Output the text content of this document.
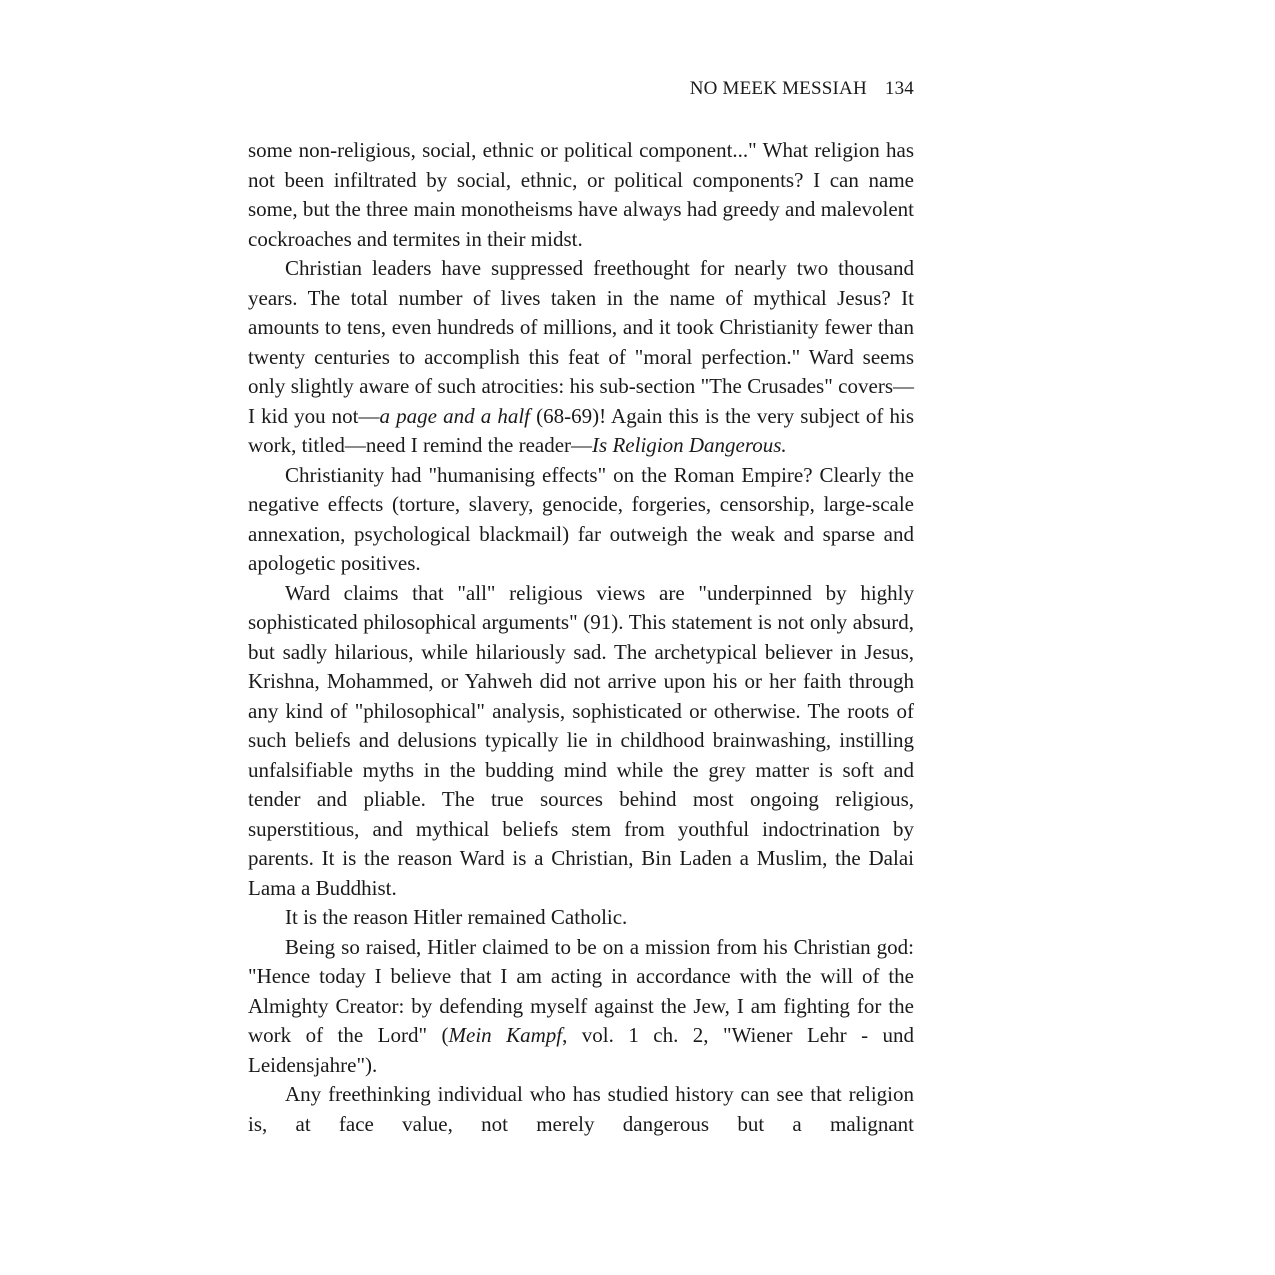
NO MEEK MESSIAH 134

some non-religious, social, ethnic or political component..." What religion has not been infiltrated by social, ethnic, or political components? I can name some, but the three main monotheisms have always had greedy and malevolent cockroaches and termites in their midst.

Christian leaders have suppressed freethought for nearly two thousand years. The total number of lives taken in the name of mythical Jesus? It amounts to tens, even hundreds of millions, and it took Christianity fewer than twenty centuries to accomplish this feat of "moral perfection." Ward seems only slightly aware of such atrocities: his sub-section "The Crusades" covers—I kid you not—a page and a half (68-69)! Again this is the very subject of his work, titled—need I remind the reader—Is Religion Dangerous.

Christianity had "humanising effects" on the Roman Empire? Clearly the negative effects (torture, slavery, genocide, forgeries, censorship, large-scale annexation, psychological blackmail) far outweigh the weak and sparse and apologetic positives.

Ward claims that "all" religious views are "underpinned by highly sophisticated philosophical arguments" (91). This statement is not only absurd, but sadly hilarious, while hilariously sad. The archetypical believer in Jesus, Krishna, Mohammed, or Yahweh did not arrive upon his or her faith through any kind of "philosophical" analysis, sophisticated or otherwise. The roots of such beliefs and delusions typically lie in childhood brainwashing, instilling unfalsifiable myths in the budding mind while the grey matter is soft and tender and pliable. The true sources behind most ongoing religious, superstitious, and mythical beliefs stem from youthful indoctrination by parents. It is the reason Ward is a Christian, Bin Laden a Muslim, the Dalai Lama a Buddhist.

It is the reason Hitler remained Catholic.

Being so raised, Hitler claimed to be on a mission from his Christian god: "Hence today I believe that I am acting in accordance with the will of the Almighty Creator: by defending myself against the Jew, I am fighting for the work of the Lord" (Mein Kampf, vol. 1 ch. 2, "Wiener Lehr - und Leidensjahre").

Any freethinking individual who has studied history can see that religion is, at face value, not merely dangerous but a malignant
